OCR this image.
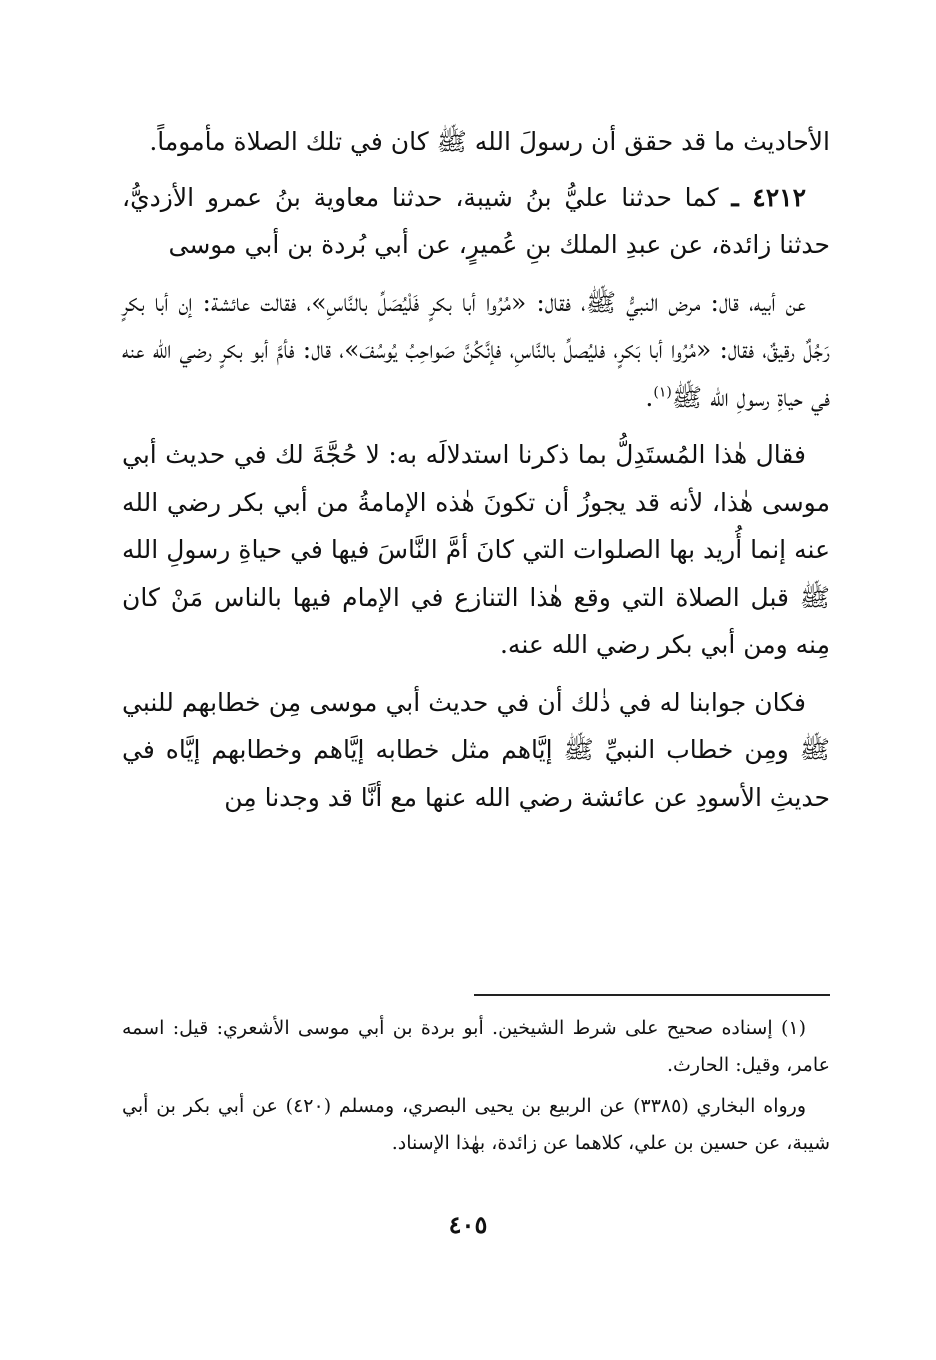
الأحاديث ما قد حقق أن رسولَ الله ﷺ كان في تلك الصلاة مأموماً.

٤٢١٢ ـ كما حدثنا عليُّ بنُ شيبة، حدثنا معاوية بنُ عمرو الأزديُّ، حدثنا زائدة، عن عبدِ الملك بنِ عُميرٍ، عن أبي بُردة بن أبي موسى

عن أبيه، قال: مرض النبيُّ ﷺ، فقال: «مُرُوا أبا بكرٍ فَلْيُصَلِّ بالنَّاسِ»، فقالت عائشة: إن أبا بكرٍ رَجُلٌ رقيقٌ، فقال: «مُرُوا أبا بَكرٍ، فليُصلِّ بالنَّاسِ، فإنَّكُنَّ صَواحِبُ يُوسُفَ»، قال: فأمَّ أبو بكرٍ رضي الله عنه في حياةِ رسولِ الله ﷺ$^{(١)}$.

فقال هٰذا المُستَدِلُّ بما ذكرنا استدلالَه به: لا حُجَّةَ لك في حديث أبي موسى هٰذا، لأنه قد يجوزُ أن تكونَ هٰذه الإمامةُ من أبي بكر رضي الله عنه إنما أُريد بها الصلوات التي كانَ أمَّ النَّاسَ فيها في حياةِ رسولِ الله ﷺ قبل الصلاة التي وقع هٰذا التنازع في الإمام فيها بالناس مَنْ كان مِنه ومن أبي بكر رضي الله عنه.

فكان جوابنا له في ذٰلك أن في حديث أبي موسى مِن خطابهم للنبي ﷺ ومِن خطاب النبيِّ ﷺ إيَّاهم مثل خطابه إيَّاهم وخطابهم إيَّاه في حديثِ الأسودِ عن عائشة رضي الله عنها مع أنَّا قد وجدنا مِن

(١) إسناده صحيح على شرط الشيخين. أبو بردة بن أبي موسى الأشعري: قيل: اسمه عامر، وقيل: الحارث.

ورواه البخاري (٣٣٨٥) عن الربيع بن يحيى البصري، ومسلم (٤٢٠) عن أبي بكر بن أبي شيبة، عن حسين بن علي، كلاهما عن زائدة، بهٰذا الإسناد.

٤٠٥
